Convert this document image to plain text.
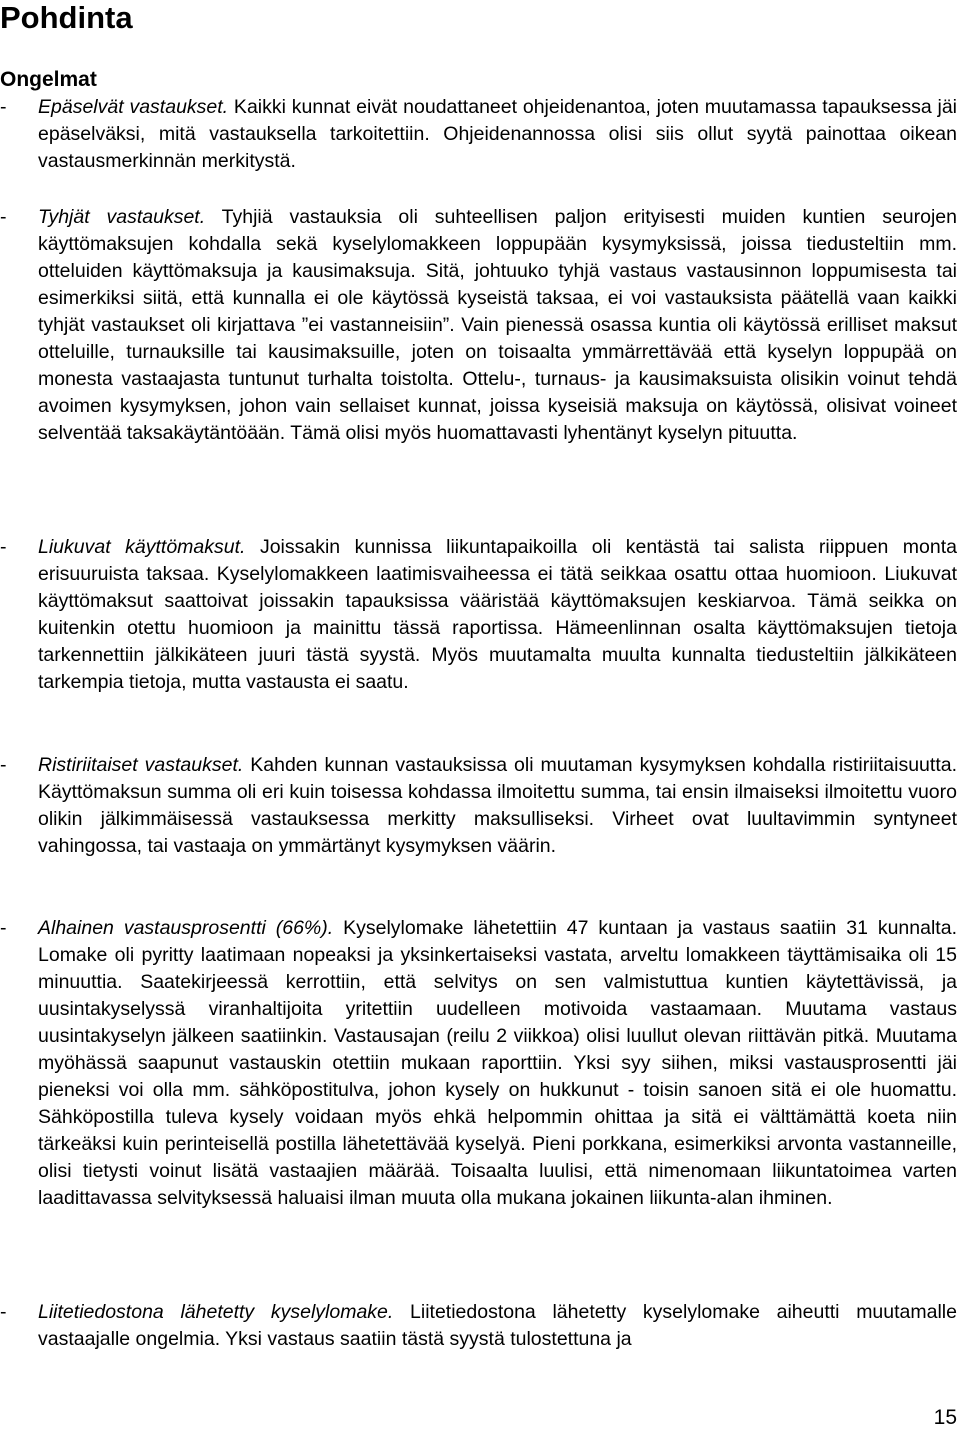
Pohdinta
Ongelmat
- Epäselvät vastaukset. Kaikki kunnat eivät noudattaneet ohjeidenantoa, joten muutamassa tapauksessa jäi epäselväksi, mitä vastauksella tarkoitettiin. Ohjeidenannossa olisi siis ollut syytä painottaa oikean vastausmerkinnän merkitystä.
- Tyhjät vastaukset. Tyhjiä vastauksia oli suhteellisen paljon erityisesti muiden kuntien seurojen käyttömaksujen kohdalla sekä kyselylomakkeen loppupään kysymyksissä, joissa tiedusteltiin mm. otteluiden käyttömaksuja ja kausimaksuja. Sitä, johtuuko tyhjä vastaus vastausinnon loppumisesta tai esimerkiksi siitä, että kunnalla ei ole käytössä kyseistä taksaa, ei voi vastauksista päätellä vaan kaikki tyhjät vastaukset oli kirjattava ”ei vastanneisiin”. Vain pienessä osassa kuntia oli käytössä erilliset maksut otteluille, turnauksille tai kausimaksuille, joten on toisaalta ymmärrettävää että kyselyn loppupää on monesta vastaajasta tuntunut turhalta toistolta. Ottelu-, turnaus- ja kausimaksuista olisikin voinut tehdä avoimen kysymyksen, johon vain sellaiset kunnat, joissa kyseisiä maksuja on käytössä, olisivat voineet selventää taksakäytäntöään. Tämä olisi myös huomattavasti lyhentänyt kyselyn pituutta.
- Liukuvat käyttömaksut. Joissakin kunnissa liikuntapaikoilla oli kentästä tai salista riippuen monta erisuuruista taksaa. Kyselylomakkeen laatimisvaiheessa ei tätä seikkaa osattu ottaa huomioon. Liukuvat käyttömaksut saattoivat joissakin tapauksissa vääristää käyttömaksujen keskiarvoa. Tämä seikka on kuitenkin otettu huomioon ja mainittu tässä raportissa. Hämeenlinnan osalta käyttömaksujen tietoja tarkennettiin jälkikäteen juuri tästä syystä. Myös muutamalta muulta kunnalta tiedusteltiin jälkikäteen tarkempia tietoja, mutta vastausta ei saatu.
- Ristiriitaiset vastaukset. Kahden kunnan vastauksissa oli muutaman kysymyksen kohdalla ristiriitaisuutta. Käyttömaksun summa oli eri kuin toisessa kohdassa ilmoitettu summa, tai ensin ilmaiseksi ilmoitettu vuoro olikin jälkimmäisessä vastauksessa merkitty maksulliseksi. Virheet ovat luultavimmin syntyneet vahingossa, tai vastaaja on ymmärtänyt kysymyksen väärin.
- Alhainen vastausprosentti (66%). Kyselylomake lähetettiin 47 kuntaan ja vastaus saatiin 31 kunnalta. Lomake oli pyritty laatimaan nopeaksi ja yksinkertaiseksi vastata, arveltu lomakkeen täyttämisaika oli 15 minuuttia. Saatekirjeessä kerrottiin, että selvitys on sen valmistuttua kuntien käytettävissä, ja uusintakyselyssä viranhaltijoita yritettiin uudelleen motivoida vastaamaan. Muutama vastaus uusintakyselyn jälkeen saatiinkin. Vastausajan (reilu 2 viikkoa) olisi luullut olevan riittävän pitkä. Muutama myöhässä saapunut vastauskin otettiin mukaan raporttiin. Yksi syy siihen, miksi vastausprosentti jäi pieneksi voi olla mm. sähköpostitulva, johon kysely on hukkunut - toisin sanoen sitä ei ole huomattu. Sähköpostilla tuleva kysely voidaan myös ehkä helpommin ohittaa ja sitä ei välttämättä koeta niin tärkeäksi kuin perinteisellä postilla lähetettävää kyselyä. Pieni porkkana, esimerkiksi arvonta vastanneille, olisi tietysti voinut lisätä vastaajien määrää. Toisaalta luulisi, että nimenomaan liikuntatoimea varten laadittavassa selvityksessä haluaisi ilman muuta olla mukana jokainen liikunta-alan ihminen.
- Liitetiedostona lähetetty kyselylomake. Liitetiedostona lähetetty kyselylomake aiheutti muutamalle vastaajalle ongelmia. Yksi vastaus saatiin tästä syystä tulostettuna ja
15
